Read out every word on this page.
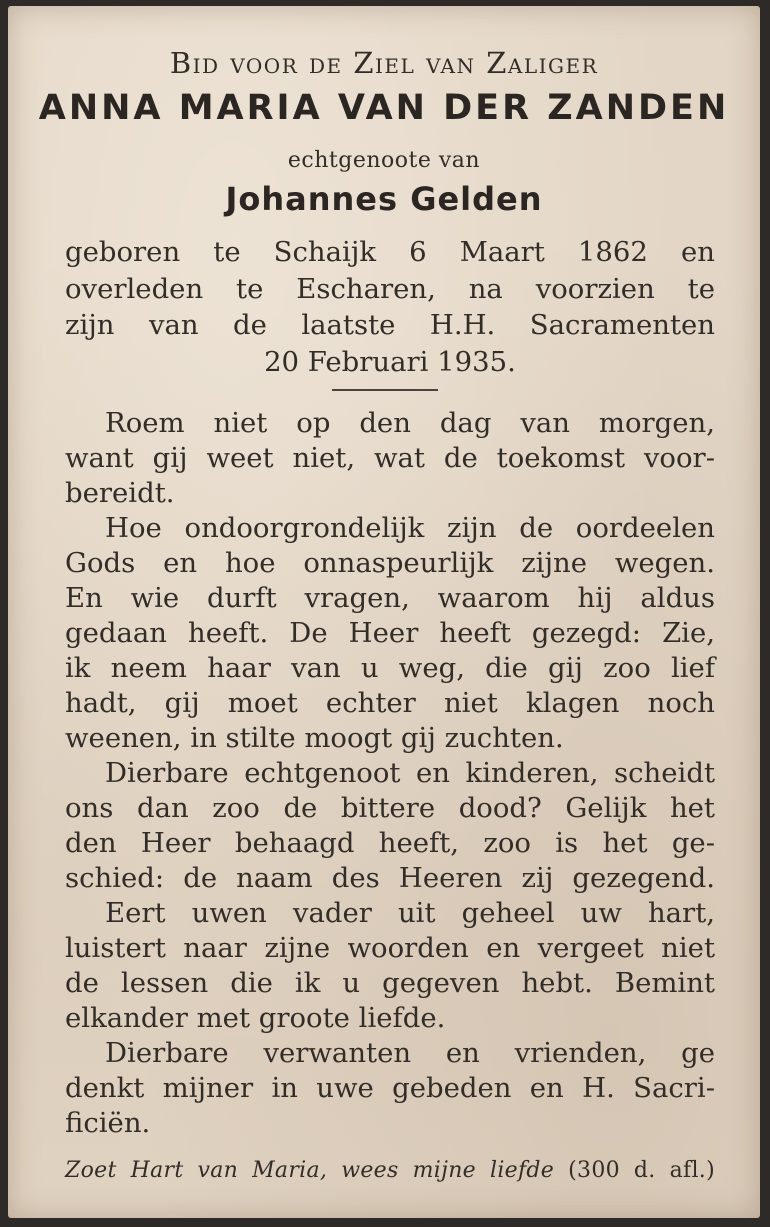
Bid voor de Ziel van Zaliger
ANNA MARIA VAN DER ZANDEN
echtgenoote van
Johannes Gelden
geboren te Schaijk 6 Maart 1862 en
overleden te Escharen, na voorzien te
zijn van de laatste H.H. Sacramenten
20 Februari 1935.
Roem niet op den dag van morgen,
want gij weet niet, wat de toekomst voor-
bereidt.
Hoe ondoorgrondelijk zijn de oordeelen
Gods en hoe onnaspeurlijk zijne wegen.
En wie durft vragen, waarom hij aldus
gedaan heeft. De Heer heeft gezegd: Zie,
ik neem haar van u weg, die gij zoo lief
hadt, gij moet echter niet klagen noch
weenen, in stilte moogt gij zuchten.
Dierbare echtgenoot en kinderen, scheidt
ons dan zoo de bittere dood? Gelijk het
den Heer behaagd heeft, zoo is het ge-
schied: de naam des Heeren zij gezegend.
Eert uwen vader uit geheel uw hart,
luistert naar zijne woorden en vergeet niet
de lessen die ik u gegeven hebt. Bemint
elkander met groote liefde.
Dierbare verwanten en vrienden, ge
denkt mijner in uwe gebeden en H. Sacri-
ficiën.
Zoet Hart van Maria, wees mijne liefde (300 d. afl.)
